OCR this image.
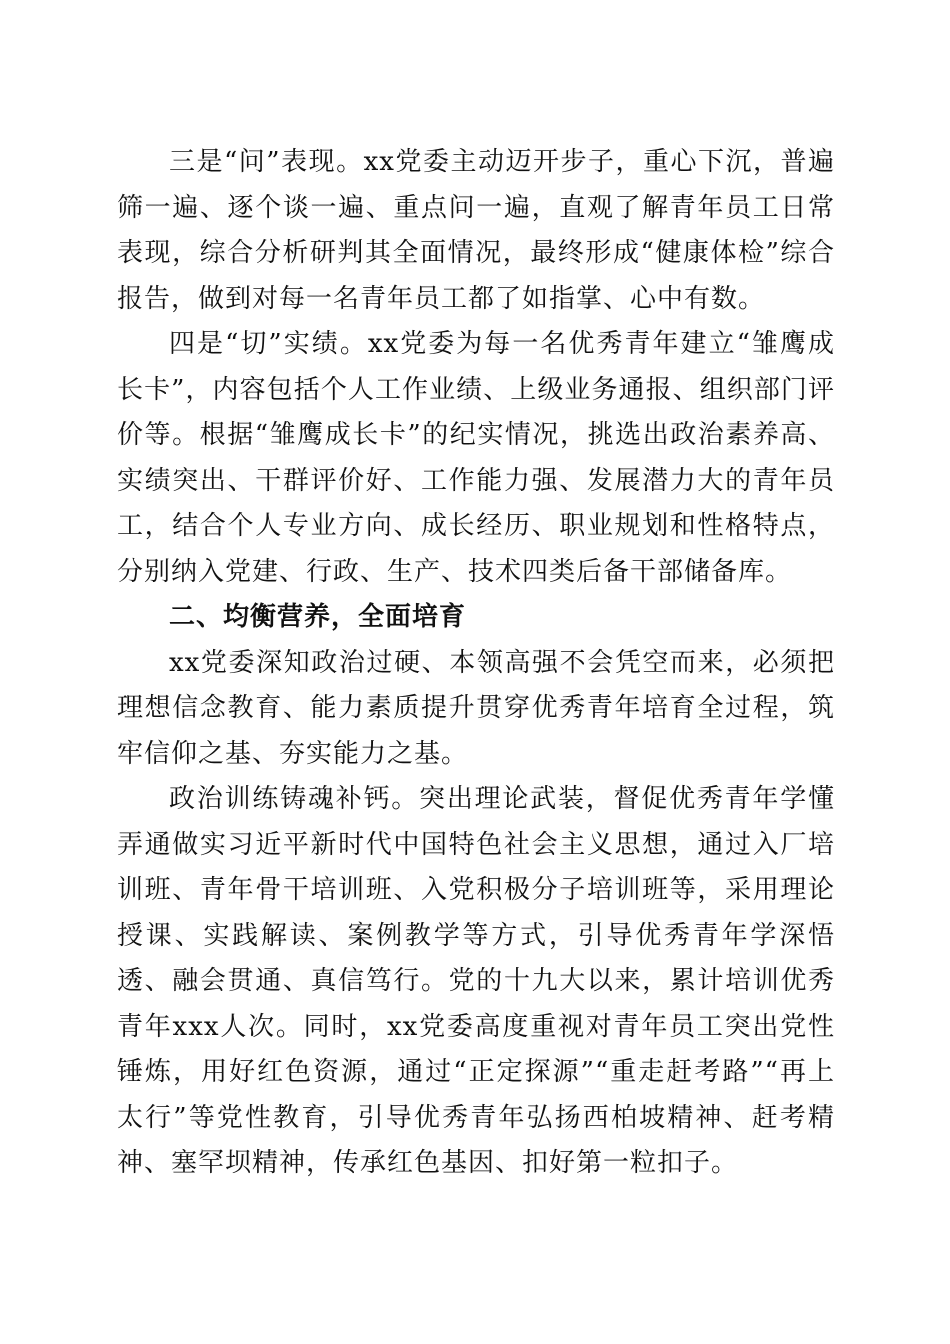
三是“问”表现。xx党委主动迈开步子，重心下沉，普遍筛一遍、逐个谈一遍、重点问一遍，直观了解青年员工日常表现，综合分析研判其全面情况，最终形成“健康体检”综合报告，做到对每一名青年员工都了如指掌、心中有数。

四是“切”实绩。xx党委为每一名优秀青年建立“雏鹰成长卡”，内容包括个人工作业绩、上级业务通报、组织部门评价等。根据“雏鹰成长卡”的纪实情况，挑选出政治素养高、实绩突出、干群评价好、工作能力强、发展潜力大的青年员工，结合个人专业方向、成长经历、职业规划和性格特点，分别纳入党建、行政、生产、技术四类后备干部储备库。

二、均衡营养，全面培育

xx党委深知政治过硬、本领高强不会凭空而来，必须把理想信念教育、能力素质提升贯穿优秀青年培育全过程，筑牢信仰之基、夯实能力之基。

政治训练铸魂补钙。突出理论武装，督促优秀青年学懂弄通做实习近平新时代中国特色社会主义思想，通过入厂培训班、青年骨干培训班、入党积极分子培训班等，采用理论授课、实践解读、案例教学等方式，引导优秀青年学深悟透、融会贯通、真信笃行。党的十九大以来，累计培训优秀青年xxx人次。同时，xx党委高度重视对青年员工突出党性锤炼，用好红色资源，通过“正定探源”“重走赶考路”“再上太行”等党性教育，引导优秀青年弘扬西柏坡精神、赶考精神、塞罕坝精神，传承红色基因、扣好第一粒扣子。
